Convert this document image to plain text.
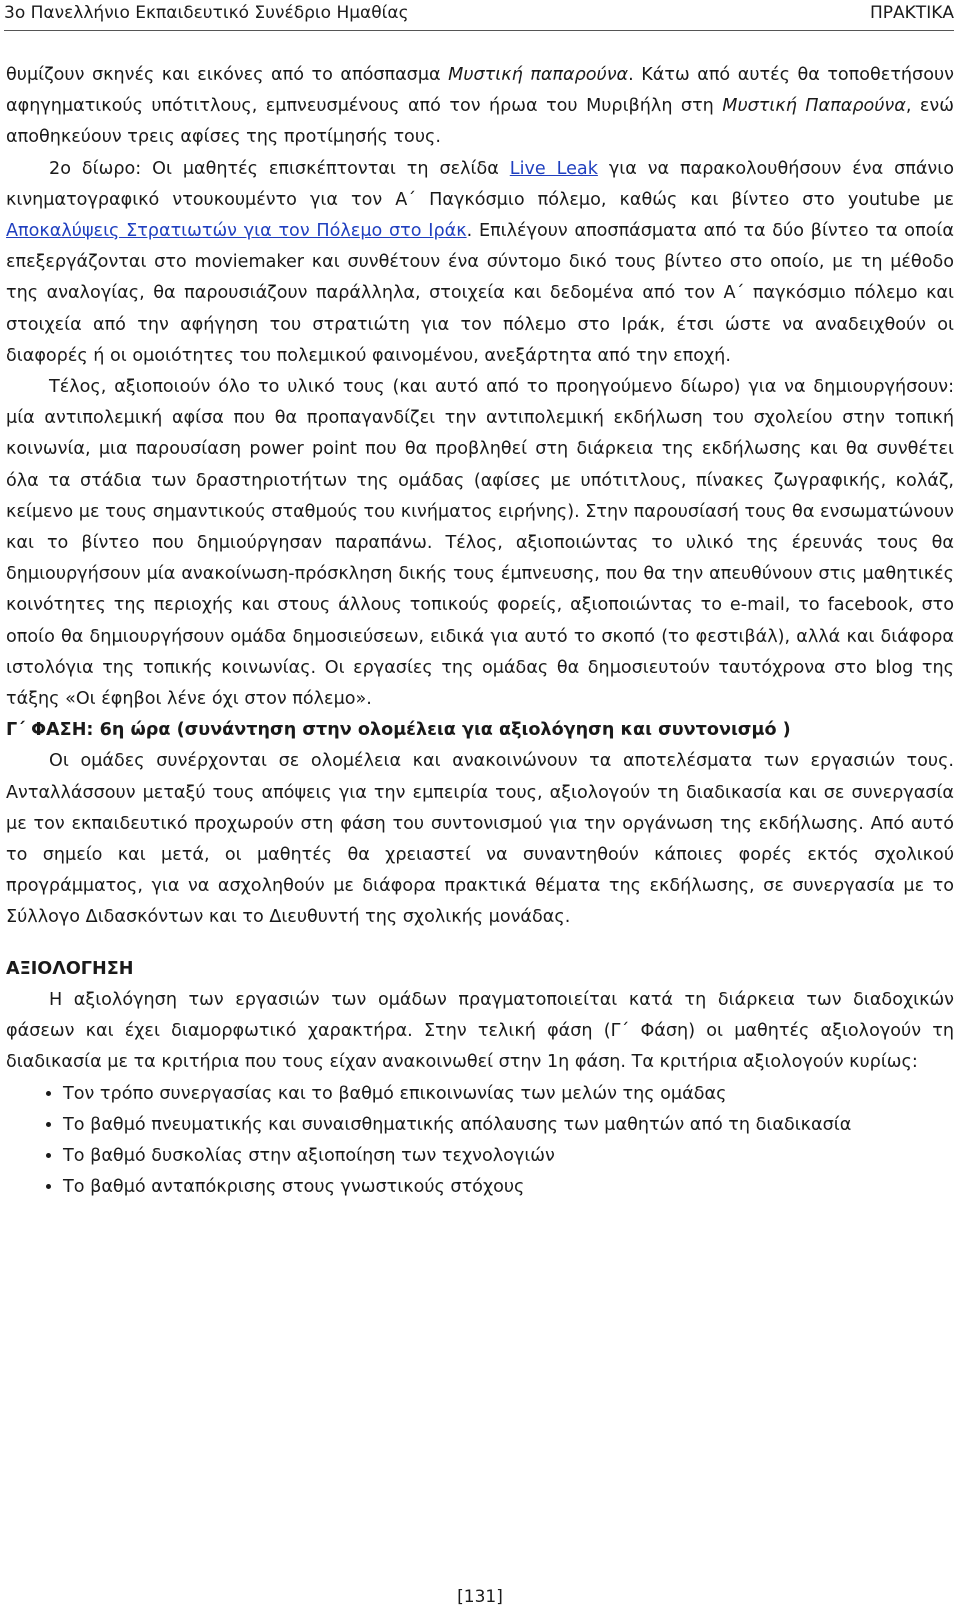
3ο Πανελλήνιο Εκπαιδευτικό Συνέδριο Ημαθίας	ΠΡΑΚΤΙΚΑ

θυμίζουν σκηνές και εικόνες από το απόσπασμα Μυστική παπαρούνα. Κάτω από αυτές θα τοποθετήσουν αφηγηματικούς υπότιτλους, εμπνευσμένους από τον ήρωα του Μυριβήλη στη Μυστική Παπαρούνα, ενώ αποθηκεύουν τρεις αφίσες της προτίμησής τους.

2ο δίωρο: Οι μαθητές επισκέπτονται τη σελίδα Live Leak για να παρακολουθήσουν ένα σπάνιο κινηματογραφικό ντουκουμέντο για τον Α΄ Παγκόσμιο πόλεμο, καθώς και βίντεο στο youtube με Αποκαλύψεις Στρατιωτών για τον Πόλεμο στο Ιράκ. Επιλέγουν αποσπάσματα από τα δύο βίντεο τα οποία επεξεργάζονται στο moviemaker και συνθέτουν ένα σύντομο δικό τους βίντεο στο οποίο, με τη μέθοδο της αναλογίας, θα παρουσιάζουν παράλληλα, στοιχεία και δεδομένα από τον Α΄ παγκόσμιο πόλεμο και στοιχεία από την αφήγηση του στρατιώτη για τον πόλεμο στο Ιράκ, έτσι ώστε να αναδειχθούν οι διαφορές ή οι ομοιότητες του πολεμικού φαινομένου, ανεξάρτητα από την εποχή.

Τέλος, αξιοποιούν όλο το υλικό τους (και αυτό από το προηγούμενο δίωρο) για να δημιουργήσουν: μία αντιπολεμική αφίσα που θα προπαγανδίζει την αντιπολεμική εκδήλωση του σχολείου στην τοπική κοινωνία, μια παρουσίαση power point που θα προβληθεί στη διάρκεια της εκδήλωσης και θα συνθέτει όλα τα στάδια των δραστηριοτήτων της ομάδας (αφίσες με υπότιτλους, πίνακες ζωγραφικής, κολάζ, κείμενο με τους σημαντικούς σταθμούς του κινήματος ειρήνης). Στην παρουσίασή τους θα ενσωματώνουν και το βίντεο που δημιούργησαν παραπάνω. Τέλος, αξιοποιώντας το υλικό της έρευνάς τους θα δημιουργήσουν μία ανακοίνωση-πρόσκληση δικής τους έμπνευσης, που θα την απευθύνουν στις μαθητικές κοινότητες της περιοχής και στους άλλους τοπικούς φορείς, αξιοποιώντας το e-mail, το facebook, στο οποίο θα δημιουργήσουν ομάδα δημοσιεύσεων, ειδικά για αυτό το σκοπό (το φεστιβάλ), αλλά και διάφορα ιστολόγια της τοπικής κοινωνίας. Οι εργασίες της ομάδας θα δημοσιευτούν ταυτόχρονα στο blog της τάξης «Οι έφηβοι λένε όχι στον πόλεμο».

Γ΄ ΦΑΣΗ: 6η ώρα (συνάντηση στην ολομέλεια για αξιολόγηση και συντονισμό )

Οι ομάδες συνέρχονται σε ολομέλεια και ανακοινώνουν τα αποτελέσματα των εργασιών τους. Ανταλλάσσουν μεταξύ τους απόψεις για την εμπειρία τους, αξιολογούν τη διαδικασία και σε συνεργασία με τον εκπαιδευτικό προχωρούν στη φάση του συντονισμού για την οργάνωση της εκδήλωσης. Από αυτό το σημείο και μετά, οι μαθητές θα χρειαστεί να συναντηθούν κάποιες φορές εκτός σχολικού προγράμματος, για να ασχοληθούν με διάφορα πρακτικά θέματα της εκδήλωσης, σε συνεργασία με το Σύλλογο Διδασκόντων και το Διευθυντή της σχολικής μονάδας.

ΑΞΙΟΛΟΓΗΣΗ

Η αξιολόγηση των εργασιών των ομάδων πραγματοποιείται κατά τη διάρκεια των διαδοχικών φάσεων και έχει διαμορφωτικό χαρακτήρα. Στην τελική φάση (Γ΄ Φάση) οι μαθητές αξιολογούν τη διαδικασία με τα κριτήρια που τους είχαν ανακοινωθεί στην 1η φάση. Τα κριτήρια αξιολογούν κυρίως:

• Τον τρόπο συνεργασίας και το βαθμό επικοινωνίας των μελών της ομάδας
• Το βαθμό πνευματικής και συναισθηματικής απόλαυσης των μαθητών από τη διαδικασία
• Το βαθμό δυσκολίας στην αξιοποίηση των τεχνολογιών
• Το βαθμό ανταπόκρισης στους γνωστικούς στόχους
[131]
